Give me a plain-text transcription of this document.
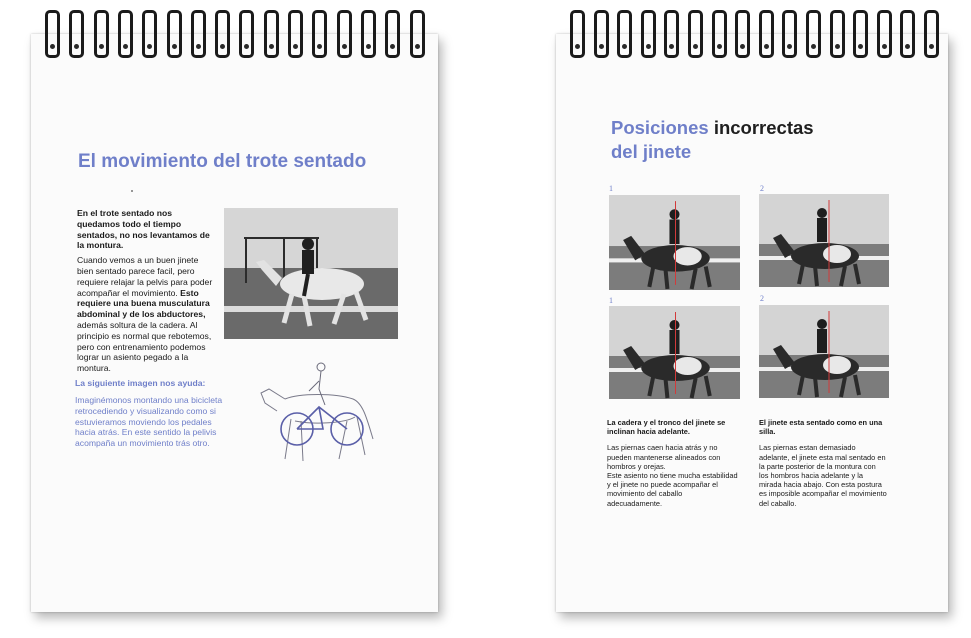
El movimiento del trote sentado

En el trote sentado nos quedamos todo el tiempo sentados, no nos levantamos de la montura.

Cuando vemos a un buen jinete bien sentado parece facil, pero requiere relajar la pelvis para poder acompañar el movimiento. Esto requiere una buena musculatura abdominal y de los abductores, además soltura de la cadera. Al principio es normal que rebotemos, pero con entrenamiento podemos lograr un asiento pegado a la montura.

La siguiente imagen nos ayuda:
Imaginémonos montando una bicicleta retrocediendo y visualizando como si estuvieramos moviendo los pedales hacia atrás. En este sentido la pelivis acompaña un movimiento trás otro.
Posiciones incorrectas
del jinete
1	2
1	2

La cadera y el tronco del jinete se inclinan hacia adelante.

Las piernas caen hacia atrás y no pueden mantenerse alineados con hombros y orejas.

Este asiento no tiene mucha estabilidad y el jinete no puede acompañar el movimiento del caballo adecuadamente.

El jinete esta sentado como en una silla.

Las piernas estan demasiado adelante, el jinete esta mal sentado en la parte posterior de la montura con los hombros hacia adelante y la mirada hacia abajo. Con esta postura es imposible acompañar el movimiento del caballo.
